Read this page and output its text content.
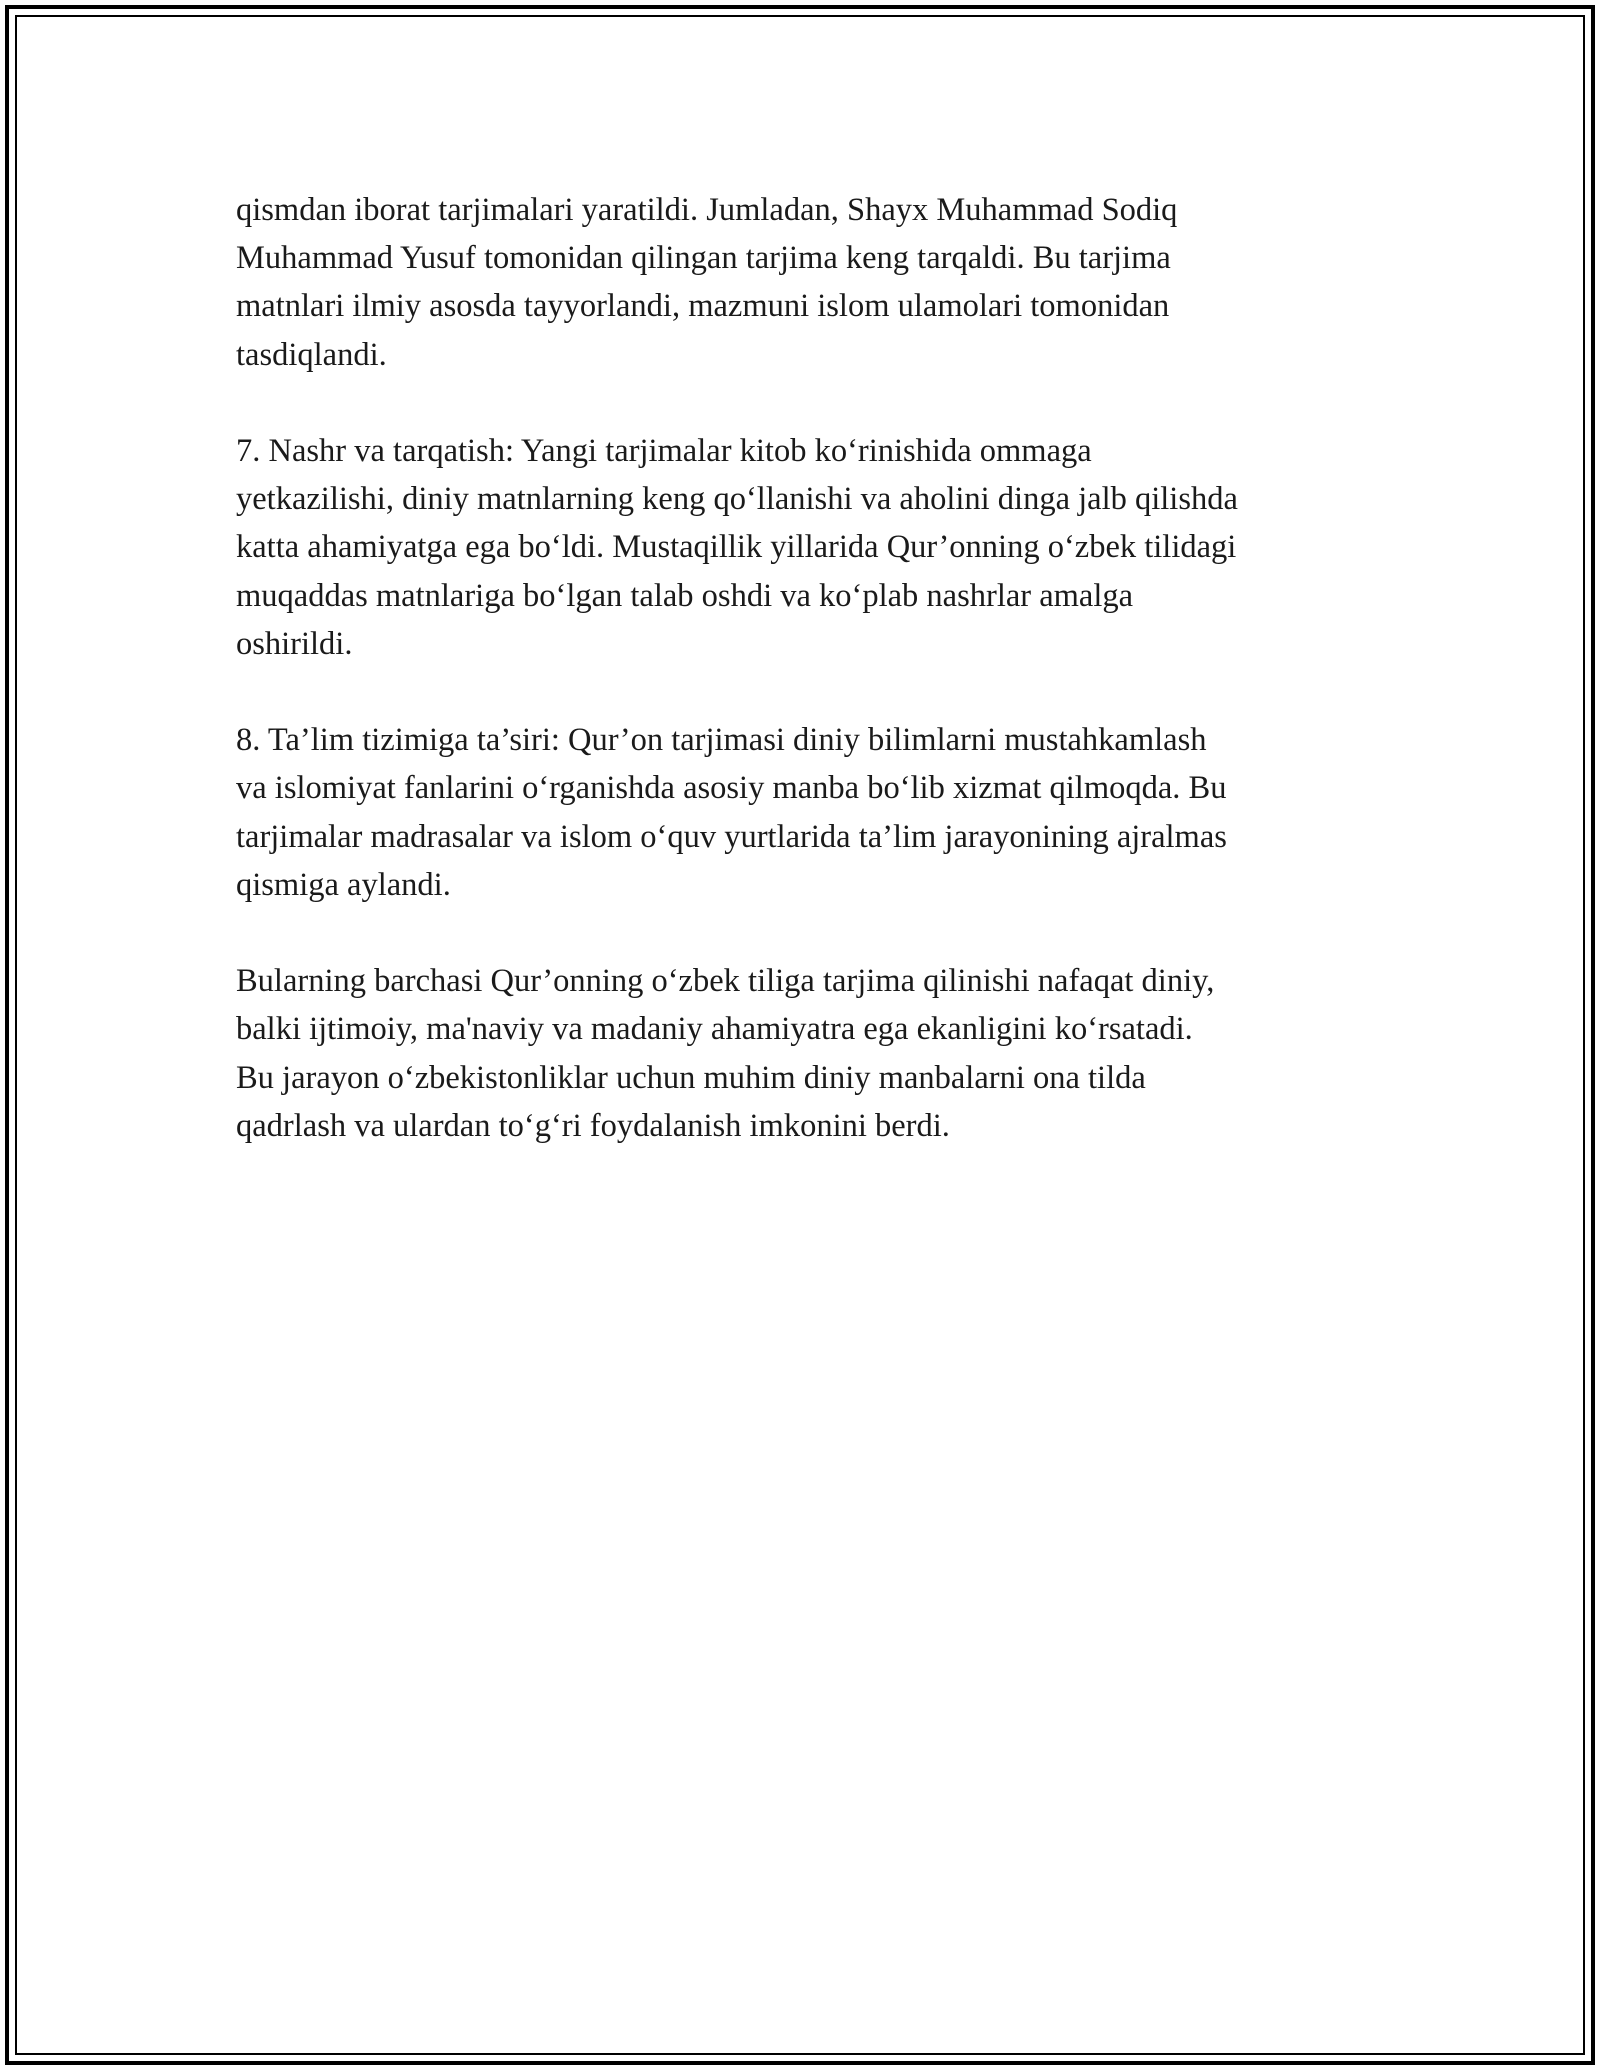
qismdan iborat tarjimalari yaratildi. Jumladan, Shayx Muhammad Sodiq
Muhammad Yusuf tomonidan qilingan tarjima keng tarqaldi. Bu tarjima
matnlari ilmiy asosda tayyorlandi, mazmuni islom ulamolari tomonidan
tasdiqlandi.

7. Nashr va tarqatish: Yangi tarjimalar kitob ko‘rinishida ommaga
yetkazilishi, diniy matnlarning keng qo‘llanishi va aholini dinga jalb qilishda
katta ahamiyatga ega bo‘ldi. Mustaqillik yillarida Qur’onning o‘zbek tilidagi
muqaddas matnlariga bo‘lgan talab oshdi va ko‘plab nashrlar amalga
oshirildi.

8. Ta’lim tizimiga ta’siri: Qur’on tarjimasi diniy bilimlarni mustahkamlash
va islomiyat fanlarini o‘rganishda asosiy manba bo‘lib xizmat qilmoqda. Bu
tarjimalar madrasalar va islom o‘quv yurtlarida ta’lim jarayonining ajralmas
qismiga aylandi.

Bularning barchasi Qur’onning o‘zbek tiliga tarjima qilinishi nafaqat diniy,
balki ijtimoiy, ma'naviy va madaniy ahamiyatra ega ekanligini ko‘rsatadi.
Bu jarayon o‘zbekistonliklar uchun muhim diniy manbalarni ona tilda
qadrlash va ulardan to‘g‘ri foydalanish imkonini berdi.
